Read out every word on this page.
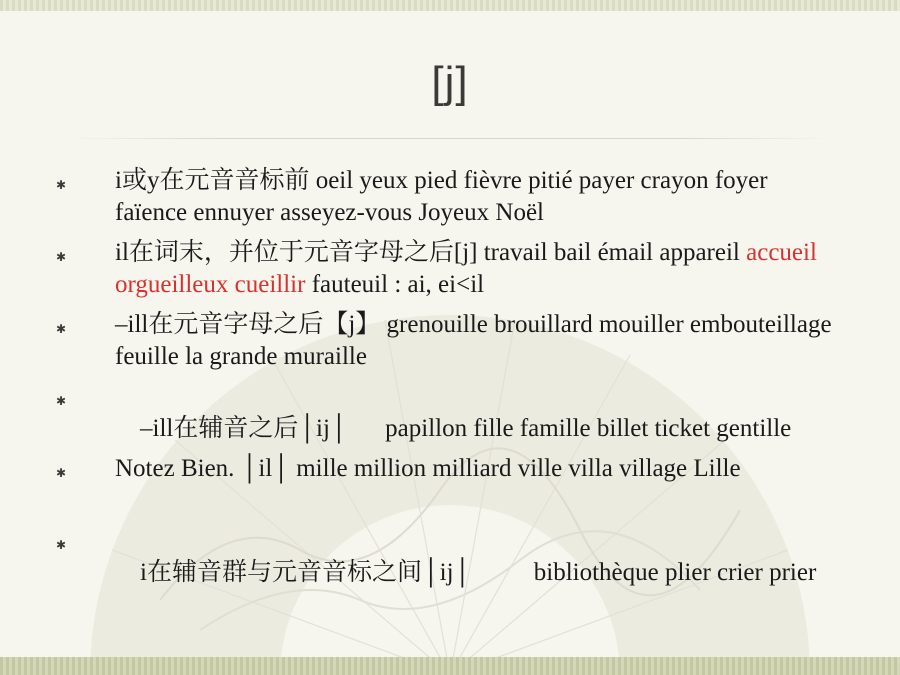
[j]
✱ i或y在元音音标前 oeil yeux pied fièvre pitié payer crayon foyer faïence ennuyer asseyez-vous Joyeux Noël
✱ il在词末，并位于元音字母之后[j] travail bail émail appareil accueil orgueilleux cueillir fauteuil : ai, ei<il
✱ –ill在元音字母之后【j】 grenouille brouillard mouiller embouteillage feuille la grande muraille
✱

–ill在辅音之后│ij│      papillon fille famille billet ticket gentille

✱ Notez Bien. │il│ mille million milliard ville villa village Lille
✱

i在辅音群与元音音标之间│ij│          bibliothèque plier crier prier
